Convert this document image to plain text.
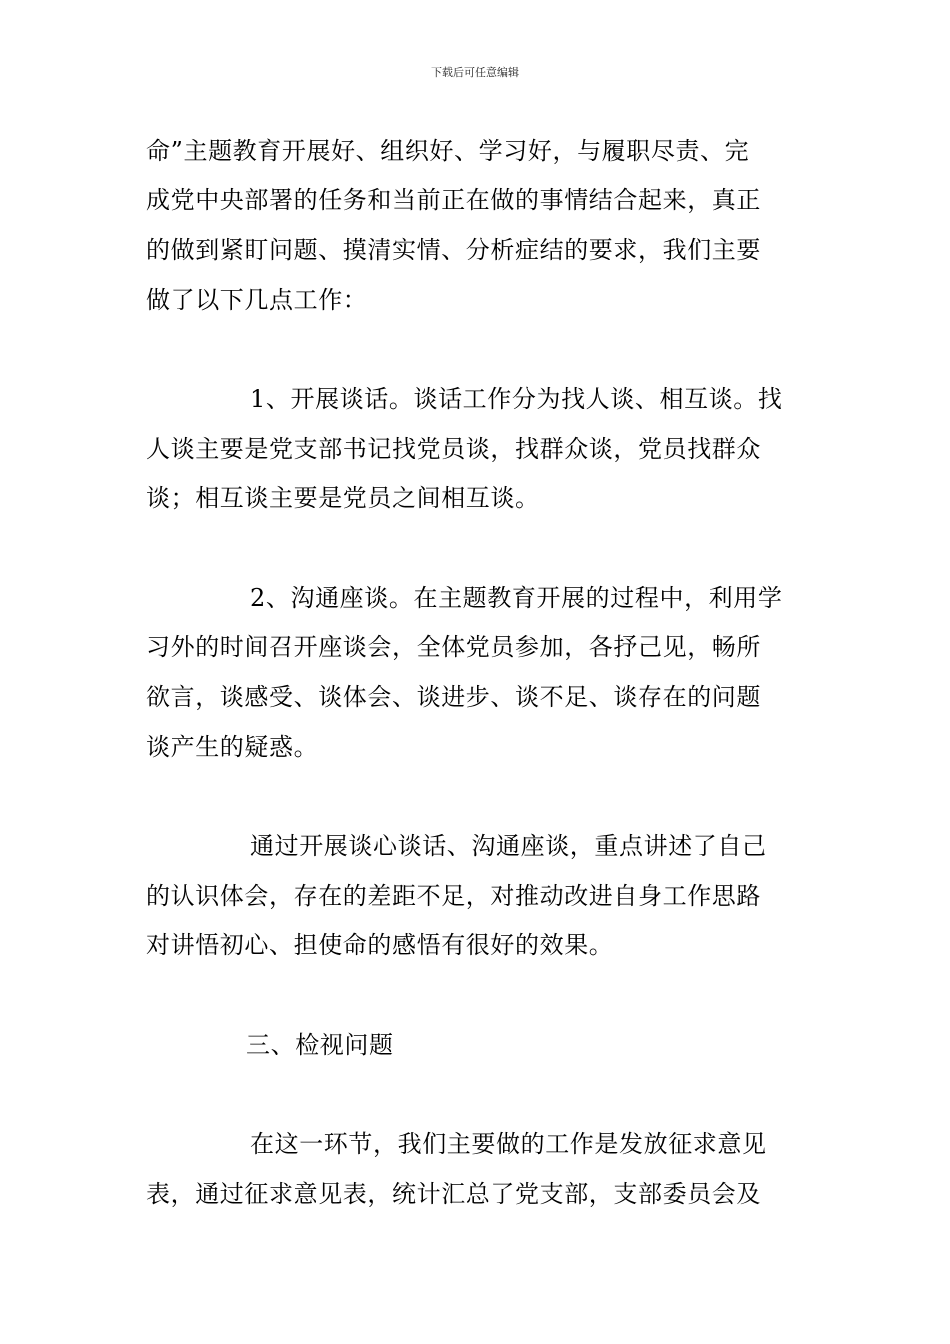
下载后可任意编辑
命”主题教育开展好、组织好、学习好，与履职尽责、完
成党中央部署的任务和当前正在做的事情结合起来，真正
的做到紧盯问题、摸清实情、分析症结的要求，我们主要
做了以下几点工作：
1、开展谈话。谈话工作分为找人谈、相互谈。找
人谈主要是党支部书记找党员谈，找群众谈，党员找群众
谈；相互谈主要是党员之间相互谈。
2、沟通座谈。在主题教育开展的过程中，利用学
习外的时间召开座谈会，全体党员参加，各抒己见，畅所
欲言，谈感受、谈体会、谈进步、谈不足、谈存在的问题
谈产生的疑惑。
通过开展谈心谈话、沟通座谈，重点讲述了自己
的认识体会，存在的差距不足，对推动改进自身工作思路
对讲悟初心、担使命的感悟有很好的效果。
三、检视问题
在这一环节，我们主要做的工作是发放征求意见
表，通过征求意见表，统计汇总了党支部，支部委员会及
